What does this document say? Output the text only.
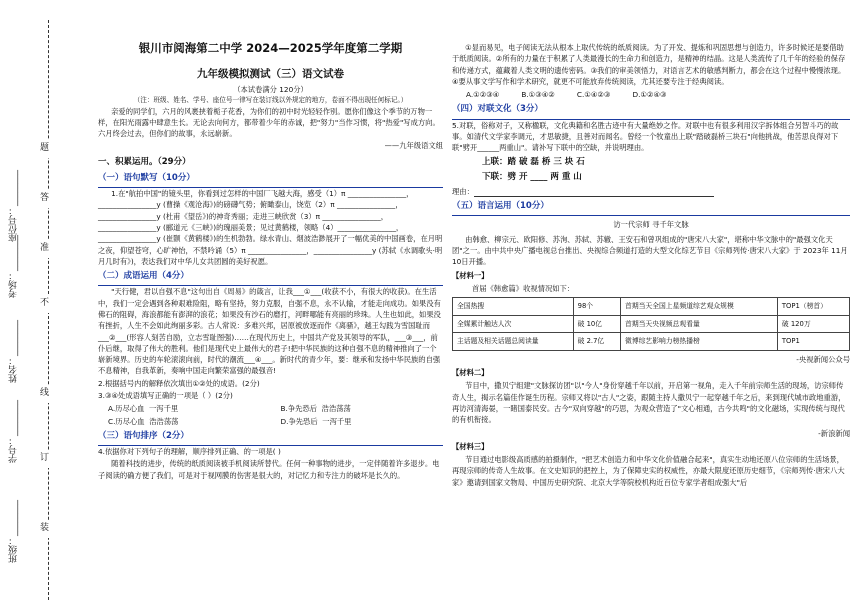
班级：________
学号：________
姓名：________
考场：________
座位号：________
装
订
线
不
准
答
题
银川市阅海第二中学 2024—2025学年度第二学期
九年级模拟测试（三）语文试卷
（本试卷满分 120分）
（注：班级、姓名、学号、座位号一律写在装订线以外规定的地方，卷面不得出现任何标记。）

亲爱的同学们，六月的风裹挟着栀子花香，为你们的初中时光轻轻作别。愿你们像这个季节的万物一样，在阳光雨露中肆意生长。无论去向何方，都带着少年的赤诚，把"努力"当作习惯，将"热爱"写成方向。六月终会过去，但你们的故事，永远崭新。

——九年级语文组
一、积累运用。（29分）
（一）语句默写（10分）

1.在"航拍中国"的镜头里，你看到过怎样的中国厂飞越大海，感受（1）π ________________，________________y (曹操《观沧海》)的磅礴气势；俯瞰泰山，饶览（2）π ________________，________________y (杜甫《望岳》)的神奇秀丽；走进三峡欣赏（3）π ________________，________________y (郦道元《三峡》)的瑰丽美景；见过黄鹤楼，领略（4）________________，________________y (崔颢《黄鹤楼》)的生机勃勃。绿水青山、烟波浩渺展开了一幅优美的中国画卷，在月明之夜，仰望苍穹，心旷神怡，不禁吟诵（5）π ________________，________________y (苏轼《水调歌头·明月几时有》)，表达我们对中华儿女共团圆的美好祝愿。

（二）成语运用（4分）

"天行健，君以自强不息"这句出自《周易》的箴言，让我___①___(收获不小，有很大的收获)。在生活中，我们一定会遇到各种艰难险阻，略有坚持，努力克服，自强不息，永不认输，才能走向成功。如果没有佛石的阻碍，海浪都能有澎湃的浪花；如果没有沙石的磨打，河畔哪能有亮丽的珍珠。人生也如此，如果没有挫折，人生不会如此绚丽多彩。古人常说：多难兴邦，居原被放逐而作《离骚》，越王勾践为雪国耻而___②___(形容人刻苦自励，立志雪耻图强)……在现代历史上，中国共产党及其领导的军队，___③___，前仆后继，取得了伟大的胜利。他们是现代史上最伟大的君子!把中华民族的这种自强不息的精神推向了一个崭新境界。历史的车轮滚滚向前，时代的潮流___④___。新时代的青少年，要：继承和发扬中华民族的自强不息精神，自我革新，奏响中国走向繁荣富强的最强音!

2.根据括号内的解释依次填出①②处的成语。(2分)

3.③④处成语填写正确的一项是（ ）(2分)

A.历尽心血 一泻千里	B.争先恐后 浩浩荡荡
C.历尽心血 浩浩荡荡	D.争先恐后 一泻千里
（三）语句排序（2分）

4.依据你对下列句子的理解，顺序排列正确、的一项是( )

随着科技的进步，传统的纸质阅读被手机阅读所替代。任何一种事物的进步，一定伴随着许多退步。电子阅读的确方便了我们，可是对于视网膜的伤害是很大的，对记忆力和专注力的破坏是长久的。

①显而易见，电子阅读无法从根本上取代传统的纸质阅读。为了开发、提炼和巩固思想与创造力，许多时候还是要借助于纸质阅读。②所有的力量在于积累了人类最漫长的生命力和创造力，是精神的结晶。这是人类流传了几千年的经验的保存和传递方式，蕴藏着人类文明的遗传密码。③我们的审美领悟力，对语言艺术的敏感判断力，都会在这个过程中慢慢浓现。④要从事文学写作和学术研究，就更不可能放弃传统阅读，尤其还要专注于经典阅读。

A.①②③④	B.①③④②	C.①④②③	D.①②④③
（四）对联文化（3分）

5.对联，俗称对子，又称楹联，文化典籍和名胜古迹中有大量绝妙之作。对联中也有很多利用汉字拆体组合另智斗巧的故事。如清代文学家李调元，才思敏捷，且善对而闻名。曾经一个牧童出上联"踏破磊桥三块石"向他挑战，他苦思良得对下联"劈开______两重山"。请补写下联中的空缺，并说明理由。

上联：踏 破 磊 桥 三 块 石
下联：劈 开 ____ 两 重 山
理由：
（五）语言运用（10分）
访一代宗师 寻千年文脉

由韩愈、柳宗元、欧阳修、苏洵、苏轼、苏辙、王安石和曾巩组成的"唐宋八大家"，堪称中华文脉中的"最强文化天团"之一。由中共中央广播电视总台推出、央视综合频道打造的大型文化综艺节目《宗师列传·唐宋八大家》于 2023年 11月 10日开播。

【材料一】
首届《韩愈篇》收视情况如下：
全国热搜	98个	首期当天全国上星频道综艺观众规模	TOP1（榜首）
全媒累计触达人次	破 10亿	首期当天央视频总观看量	破 120万
主话题及相关话题总阅读量	破 2.7亿	微博综艺影响力榜热播榜	TOP1
-央视新闻公众号
【材料二】

节目中，撒贝宁组建"文脉探访团"以"今人"身份穿越千年以前，开启第一视角，走入千年前宗师生活的现场，访宗师传奇人生，揭示名篇佳作诞生历程。宗师又将以"古人"之姿，跟随主持人撒贝宁一起穿越千年之后，来到现代城市政地重游，再访河清海晏，一睹国泰民安。古今"双向穿越"的巧思，为观众营造了"文心相通，古今共鸣"的文化磁场，实现传统与现代的有机衔接。

-新浪新闻
【材料三】

节目通过电影级高质感的拍摄制作，"把艺术创造力和中华文化价值融合起来"，真实生动地还原八位宗师的生活场景，再现宗师的传奇人生故事。在文史知识的把控上，为了保障史实的权威性，亦最大限度还原历史细节，《宗师列传·唐宋八大家》邀请到国家文物局、中国历史研究院、北京大学等院校机构近百位专家学者组成强大"后
